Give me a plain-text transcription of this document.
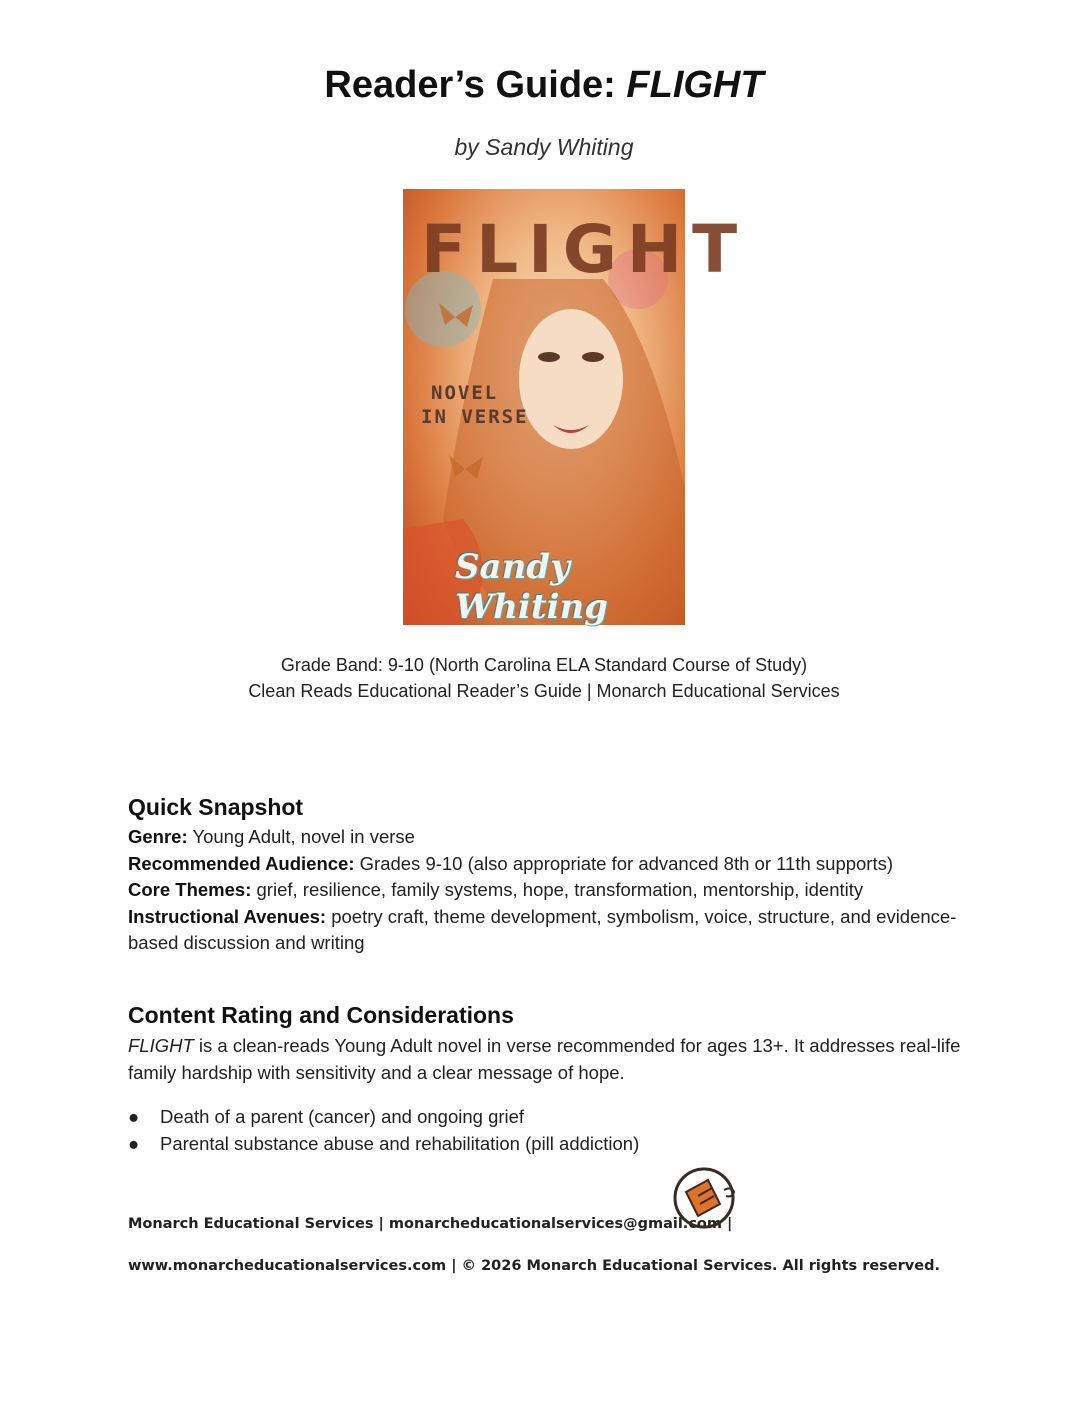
Reader’s Guide: FLIGHT
by Sandy Whiting
FLIGHT
NOVEL
IN VERSE
Sandy Whiting
Grade Band: 9-10 (North Carolina ELA Standard Course of Study)
Clean Reads Educational Reader’s Guide | Monarch Educational Services
Quick Snapshot
Genre: Young Adult, novel in verse
Recommended Audience: Grades 9-10 (also appropriate for advanced 8th or 11th supports)
Core Themes: grief, resilience, family systems, hope, transformation, mentorship, identity
Instructional Avenues: poetry craft, theme development, symbolism, voice, structure, and evidence-based discussion and writing
Content Rating and Considerations
FLIGHT is a clean-reads Young Adult novel in verse recommended for ages 13+. It addresses real-life family hardship with sensitivity and a clear message of hope.
●	Death of a parent (cancer) and ongoing grief
●	Parental substance abuse and rehabilitation (pill addiction)
Monarch Educational Services | monarcheducationalservices@gmail.com |
www.monarcheducationalservices.com | © 2026 Monarch Educational Services. All rights reserved.
